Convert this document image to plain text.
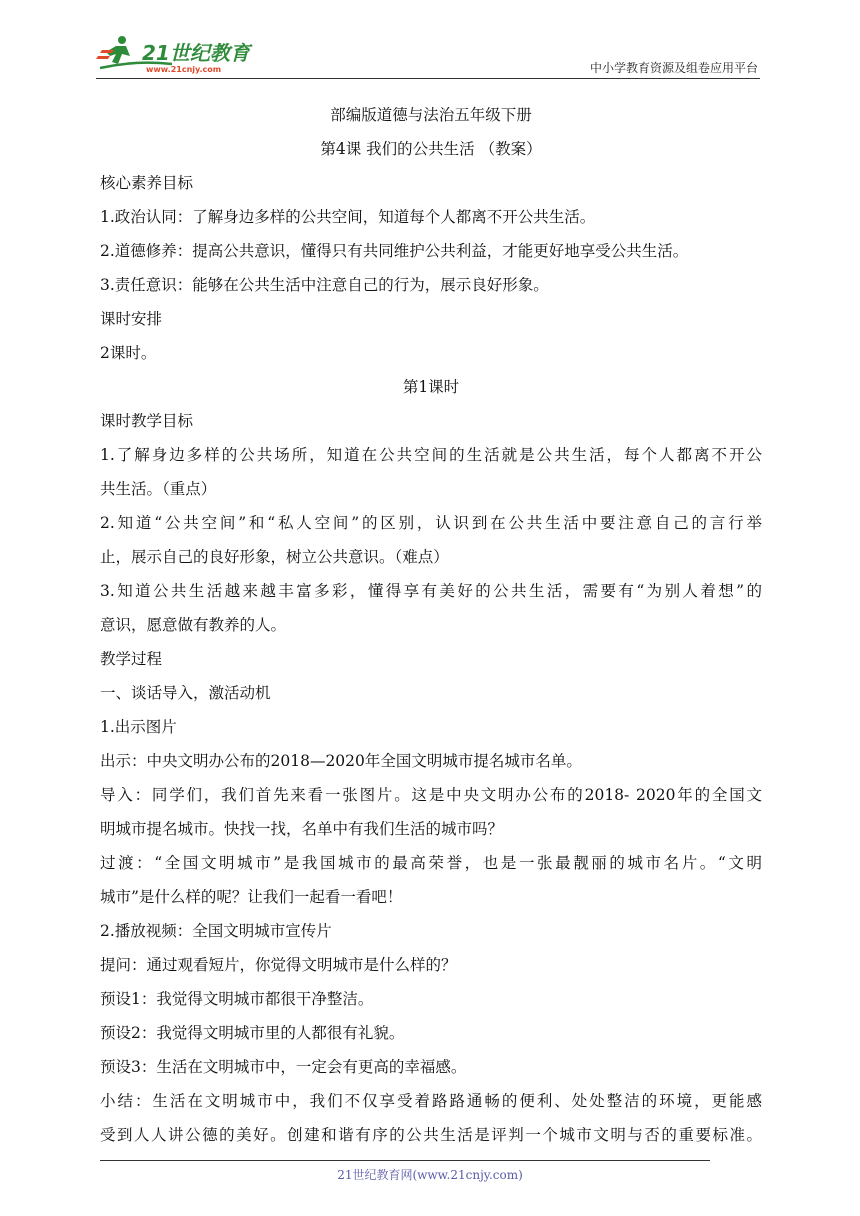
21世纪教育
www.21cnjy.com	中小学教育资源及组卷应用平台
部编版道德与法治五年级下册
第4课 我们的公共生活 （教案）
核心素养目标
1.政治认同：了解身边多样的公共空间，知道每个人都离不开公共生活。
2.道德修养：提高公共意识，懂得只有共同维护公共利益，才能更好地享受公共生活。
3.责任意识：能够在公共生活中注意自己的行为，展示良好形象。
课时安排
2课时。
第1课时
课时教学目标
1.了解身边多样的公共场所，知道在公共空间的生活就是公共生活，每个人都离不开公
共生活。（重点）
2.知道“公共空间”和“私人空间”的区别，认识到在公共生活中要注意自己的言行举
止，展示自己的良好形象，树立公共意识。（难点）
3.知道公共生活越来越丰富多彩，懂得享有美好的公共生活，需要有“为别人着想”的
意识，愿意做有教养的人。
教学过程
一、谈话导入，激活动机
1.出示图片
出示：中央文明办公布的2018—2020年全国文明城市提名城市名单。
导入：同学们，我们首先来看一张图片。这是中央文明办公布的2018- 2020年的全国文
明城市提名城市。快找一找，名单中有我们生活的城市吗？
过渡：“全国文明城市”是我国城市的最高荣誉，也是一张最靓丽的城市名片。“文明
城市”是什么样的呢？让我们一起看一看吧！
2.播放视频：全国文明城市宣传片
提问：通过观看短片，你觉得文明城市是什么样的？
预设1：我觉得文明城市都很干净整洁。
预设2：我觉得文明城市里的人都很有礼貌。
预设3：生活在文明城市中，一定会有更高的幸福感。
小结：生活在文明城市中，我们不仅享受着路路通畅的便利、处处整洁的环境，更能感
受到人人讲公德的美好。创建和谐有序的公共生活是评判一个城市文明与否的重要标准。
21世纪教育网(www.21cnjy.com)
